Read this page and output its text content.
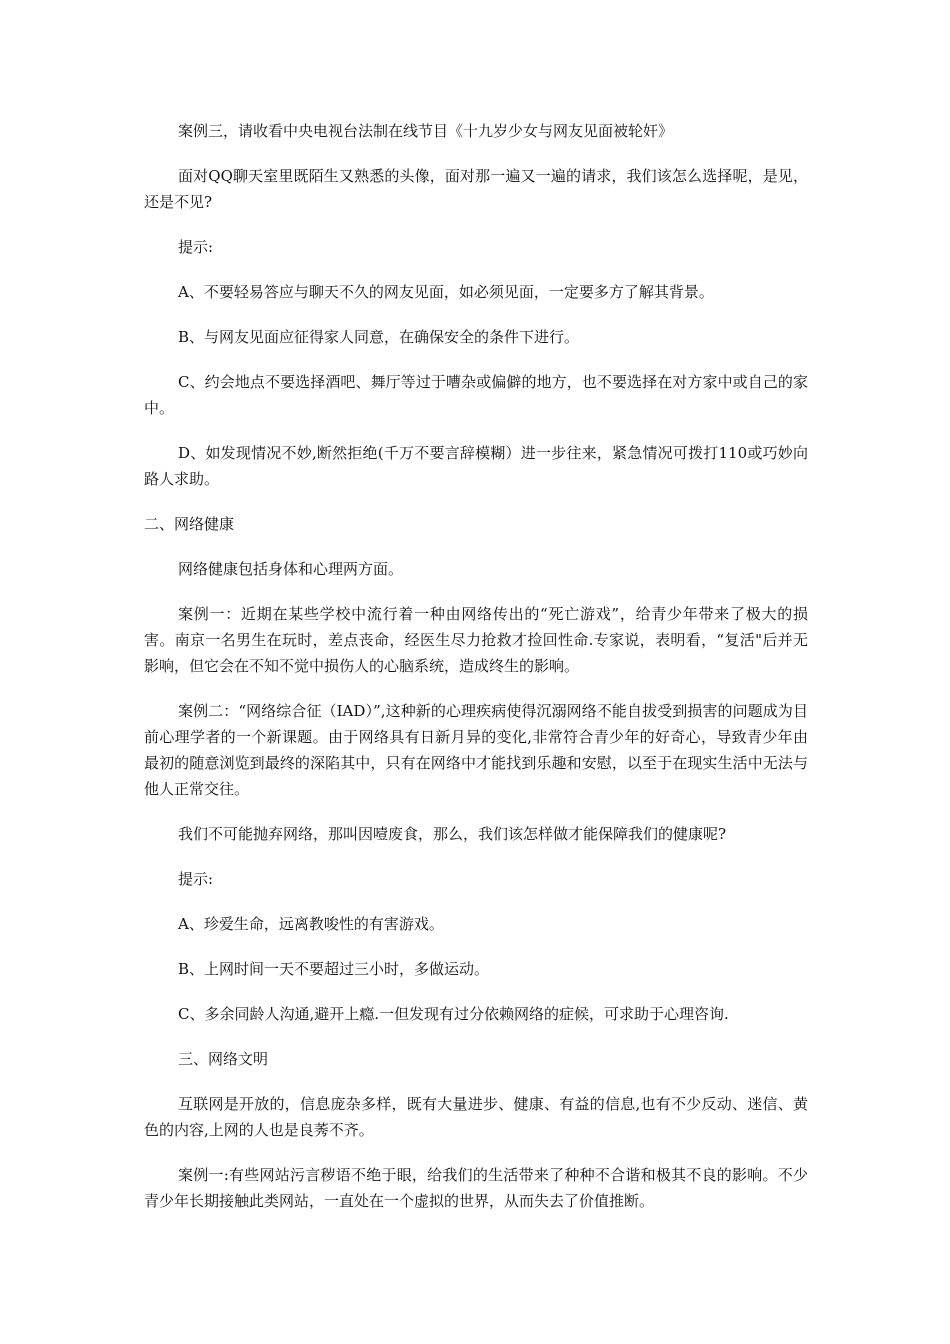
案例三，请收看中央电视台法制在线节目《十九岁少女与网友见面被轮奸》

面对QQ聊天室里既陌生又熟悉的头像，面对那一遍又一遍的请求，我们该怎么选择呢，是见，还是不见?

提示:

A、不要轻易答应与聊天不久的网友见面，如必须见面，一定要多方了解其背景。

B、与网友见面应征得家人同意，在确保安全的条件下进行。

C、约会地点不要选择酒吧、舞厅等过于嘈杂或偏僻的地方，也不要选择在对方家中或自己的家中。

D、如发现情况不妙,断然拒绝(千万不要言辞模糊）进一步往来，紧急情况可拨打110或巧妙向路人求助。

二、网络健康

网络健康包括身体和心理两方面。

案例一：近期在某些学校中流行着一种由网络传出的“死亡游戏”，给青少年带来了极大的损害。南京一名男生在玩时，差点丧命，经医生尽力抢救才捡回性命.专家说，表明看，“复活"后并无影响，但它会在不知不觉中损伤人的心脑系统，造成终生的影响。

案例二：“网络综合征（IAD）”,这种新的心理疾病使得沉溺网络不能自拔受到损害的问题成为目前心理学者的一个新课题。由于网络具有日新月异的变化,非常符合青少年的好奇心，导致青少年由最初的随意浏览到最终的深陷其中，只有在网络中才能找到乐趣和安慰，以至于在现实生活中无法与他人正常交往。

我们不可能抛弃网络，那叫因噎废食，那么，我们该怎样做才能保障我们的健康呢?

提示:

A、珍爱生命，远离教唆性的有害游戏。

B、上网时间一天不要超过三小时，多做运动。

C、多余同龄人沟通,避开上瘾.一但发现有过分依赖网络的症候，可求助于心理咨询.

三、网络文明

互联网是开放的，信息庞杂多样，既有大量进步、健康、有益的信息,也有不少反动、迷信、黄色的内容,上网的人也是良莠不齐。

案例一:有些网站污言秽语不绝于眼，给我们的生活带来了种种不合谐和极其不良的影响。不少青少年长期接触此类网站，一直处在一个虚拟的世界，从而失去了价值推断。
